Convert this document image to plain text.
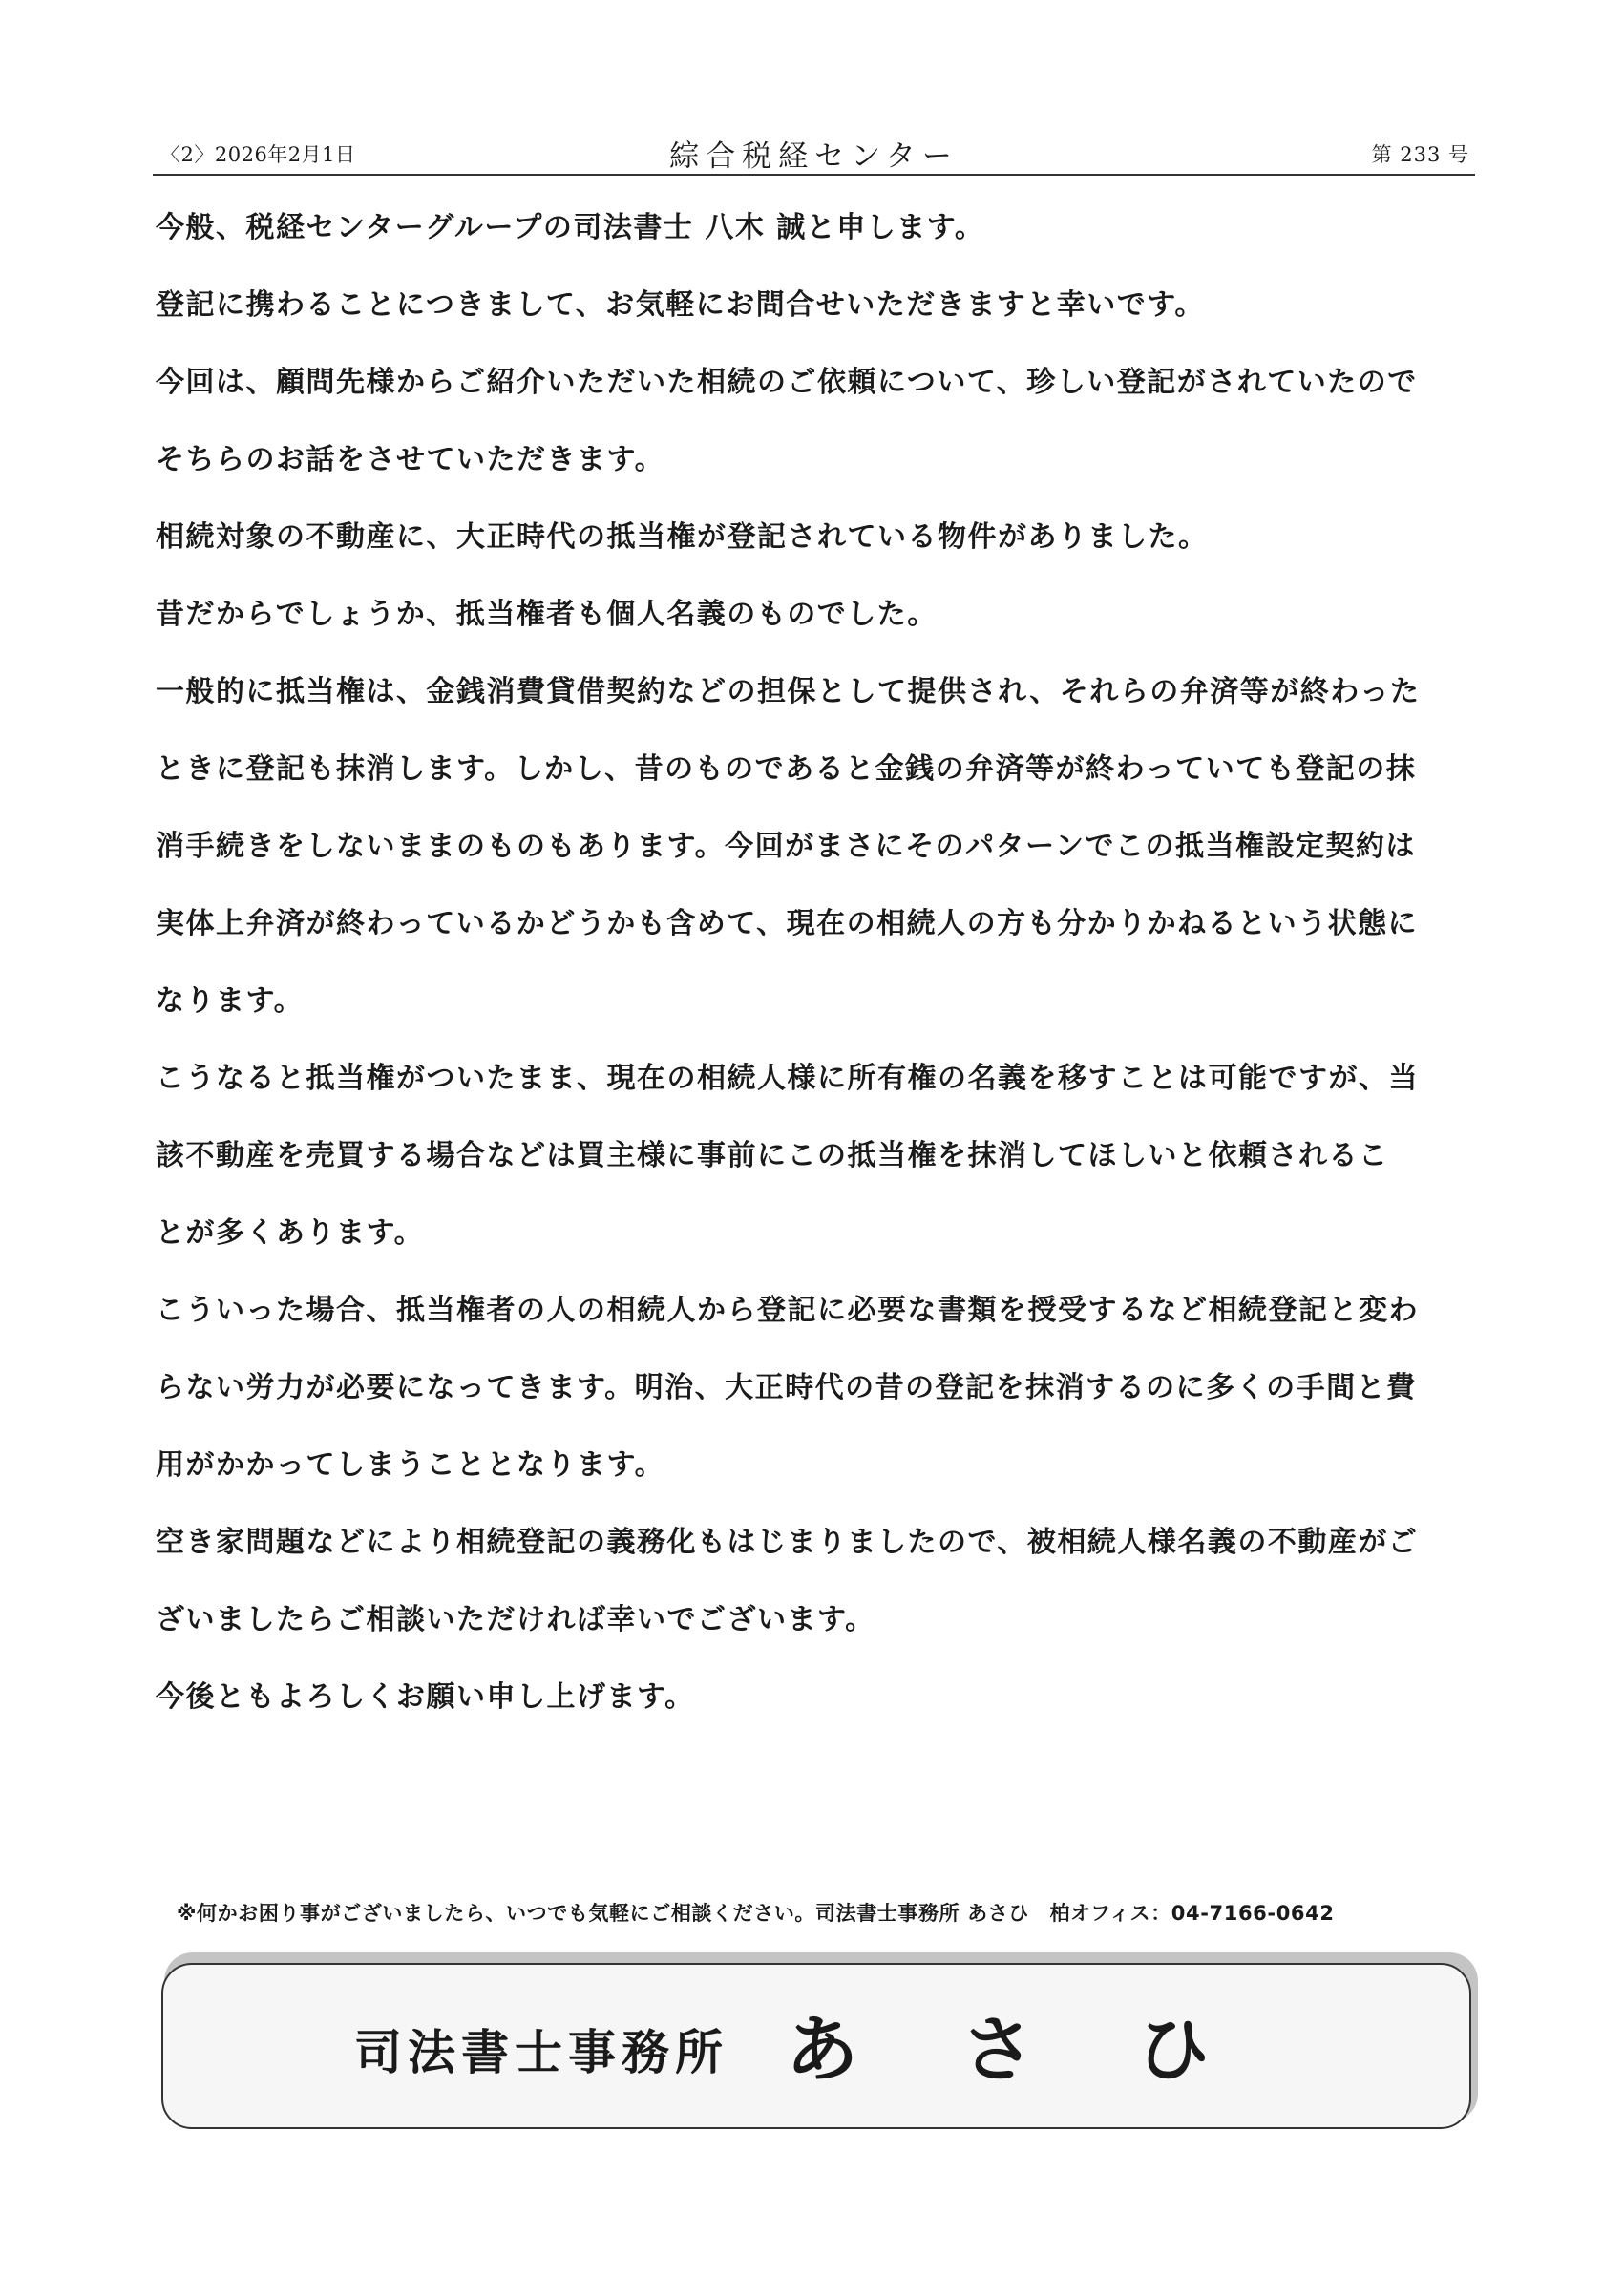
〈2〉2026年2月1日	綜合税経センター	第 233 号

今般、税経センターグループの司法書士 八木 誠と申します。

登記に携わることにつきまして、お気軽にお問合せいただきますと幸いです。

今回は、顧問先様からご紹介いただいた相続のご依頼について、珍しい登記がされていたので

そちらのお話をさせていただきます。

相続対象の不動産に、大正時代の抵当権が登記されている物件がありました。

昔だからでしょうか、抵当権者も個人名義のものでした。

一般的に抵当権は、金銭消費貸借契約などの担保として提供され、それらの弁済等が終わった

ときに登記も抹消します。しかし、昔のものであると金銭の弁済等が終わっていても登記の抹

消手続きをしないままのものもあります。今回がまさにそのパターンでこの抵当権設定契約は

実体上弁済が終わっているかどうかも含めて、現在の相続人の方も分かりかねるという状態に

なります。

こうなると抵当権がついたまま、現在の相続人様に所有権の名義を移すことは可能ですが、当

該不動産を売買する場合などは買主様に事前にこの抵当権を抹消してほしいと依頼されるこ

とが多くあります。

こういった場合、抵当権者の人の相続人から登記に必要な書類を授受するなど相続登記と変わ

らない労力が必要になってきます。明治、大正時代の昔の登記を抹消するのに多くの手間と費

用がかかってしまうこととなります。

空き家問題などにより相続登記の義務化もはじまりましたので、被相続人様名義の不動産がご

ざいましたらご相談いただければ幸いでございます。

今後ともよろしくお願い申し上げます。

※何かお困り事がございましたら、いつでも気軽にご相談ください。司法書士事務所 あさひ　柏オフィス：04-7166-0642
司法書士事務所 あさひ
